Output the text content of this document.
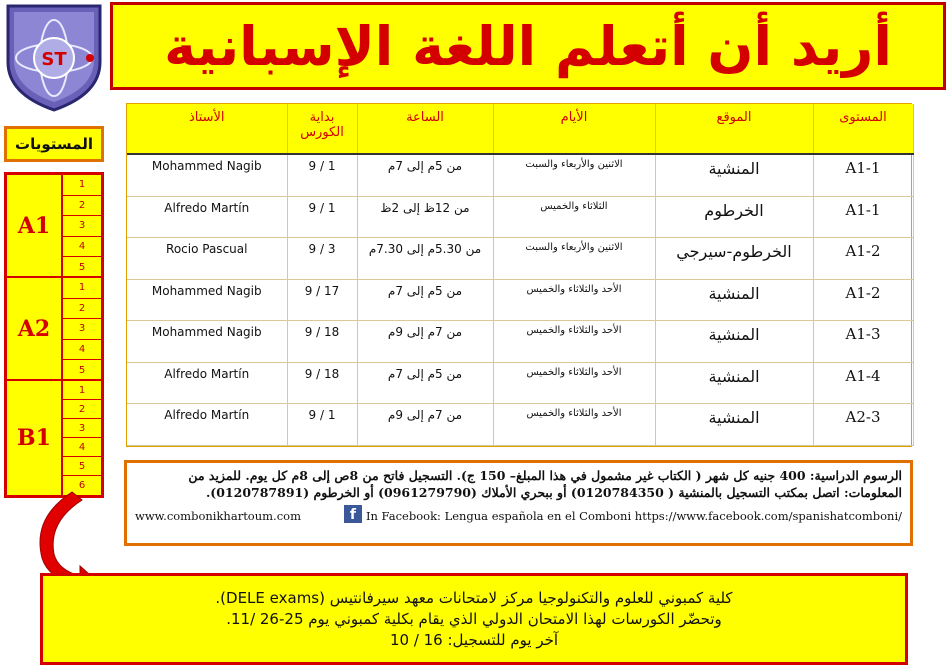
ST أريد أن أتعلم اللغة الإسبانية
المستويات
A1
1
2
3
4
5
A2
1
2
3
4
5
B1
1
2
3
4
5
6
الأستاذ	بداية الكورس	الساعة	الأيام	الموقع	المستوى
Mohammed Nagib	1 / 9	من 5م إلى 7م	الاثنين والأربعاء والسبت	المنشية	A1-1
Alfredo Martín	1 / 9	من 12ظ إلى 2ظ	الثلاثاء والخميس	الخرطوم	A1-1
Rocio Pascual	3 / 9	من 5.30م إلى 7.30م	الاثنين والأربعاء والسبت	الخرطوم-سيرجي	A1-2
Mohammed Nagib	17 / 9	من 5م إلى 7م	الأحد والثلاثاء والخميس	المنشية	A1-2
Mohammed Nagib	18 / 9	من 7م إلى 9م	الأحد والثلاثاء والخميس	المنشية	A1-3
Alfredo Martín	18 / 9	من 5م إلى 7م	الأحد والثلاثاء والخميس	المنشية	A1-4
Alfredo Martín	1 / 9	من 7م إلى 9م	الأحد والثلاثاء والخميس	المنشية	A2-3
الرسوم الدراسية: 400 جنيه كل شهر ( الكتاب غير مشمول في هذا المبلغ– 150 ج). التسجيل فاتح من 8ص إلى 8م كل يوم. للمزيد من
المعلومات: اتصل بمكتب التسجيل بالمنشية ( 0120784350) أو ببحري الأملاك (0961279790) أو الخرطوم (0120787891).
www.combonikhartoum.com	f In Facebook: Lengua española en el Comboni https://www.facebook.com/spanishatcomboni/
كلية كمبوني للعلوم والتكنولوجيا مركز لامتحانات معهد سيرفانتيس (DELE exams).
وتحضّر الكورسات لهذا الامتحان الدولي الذي يقام بكلية كمبوني يوم 25-26 /11.
آخر يوم للتسجيل: 16 / 10
